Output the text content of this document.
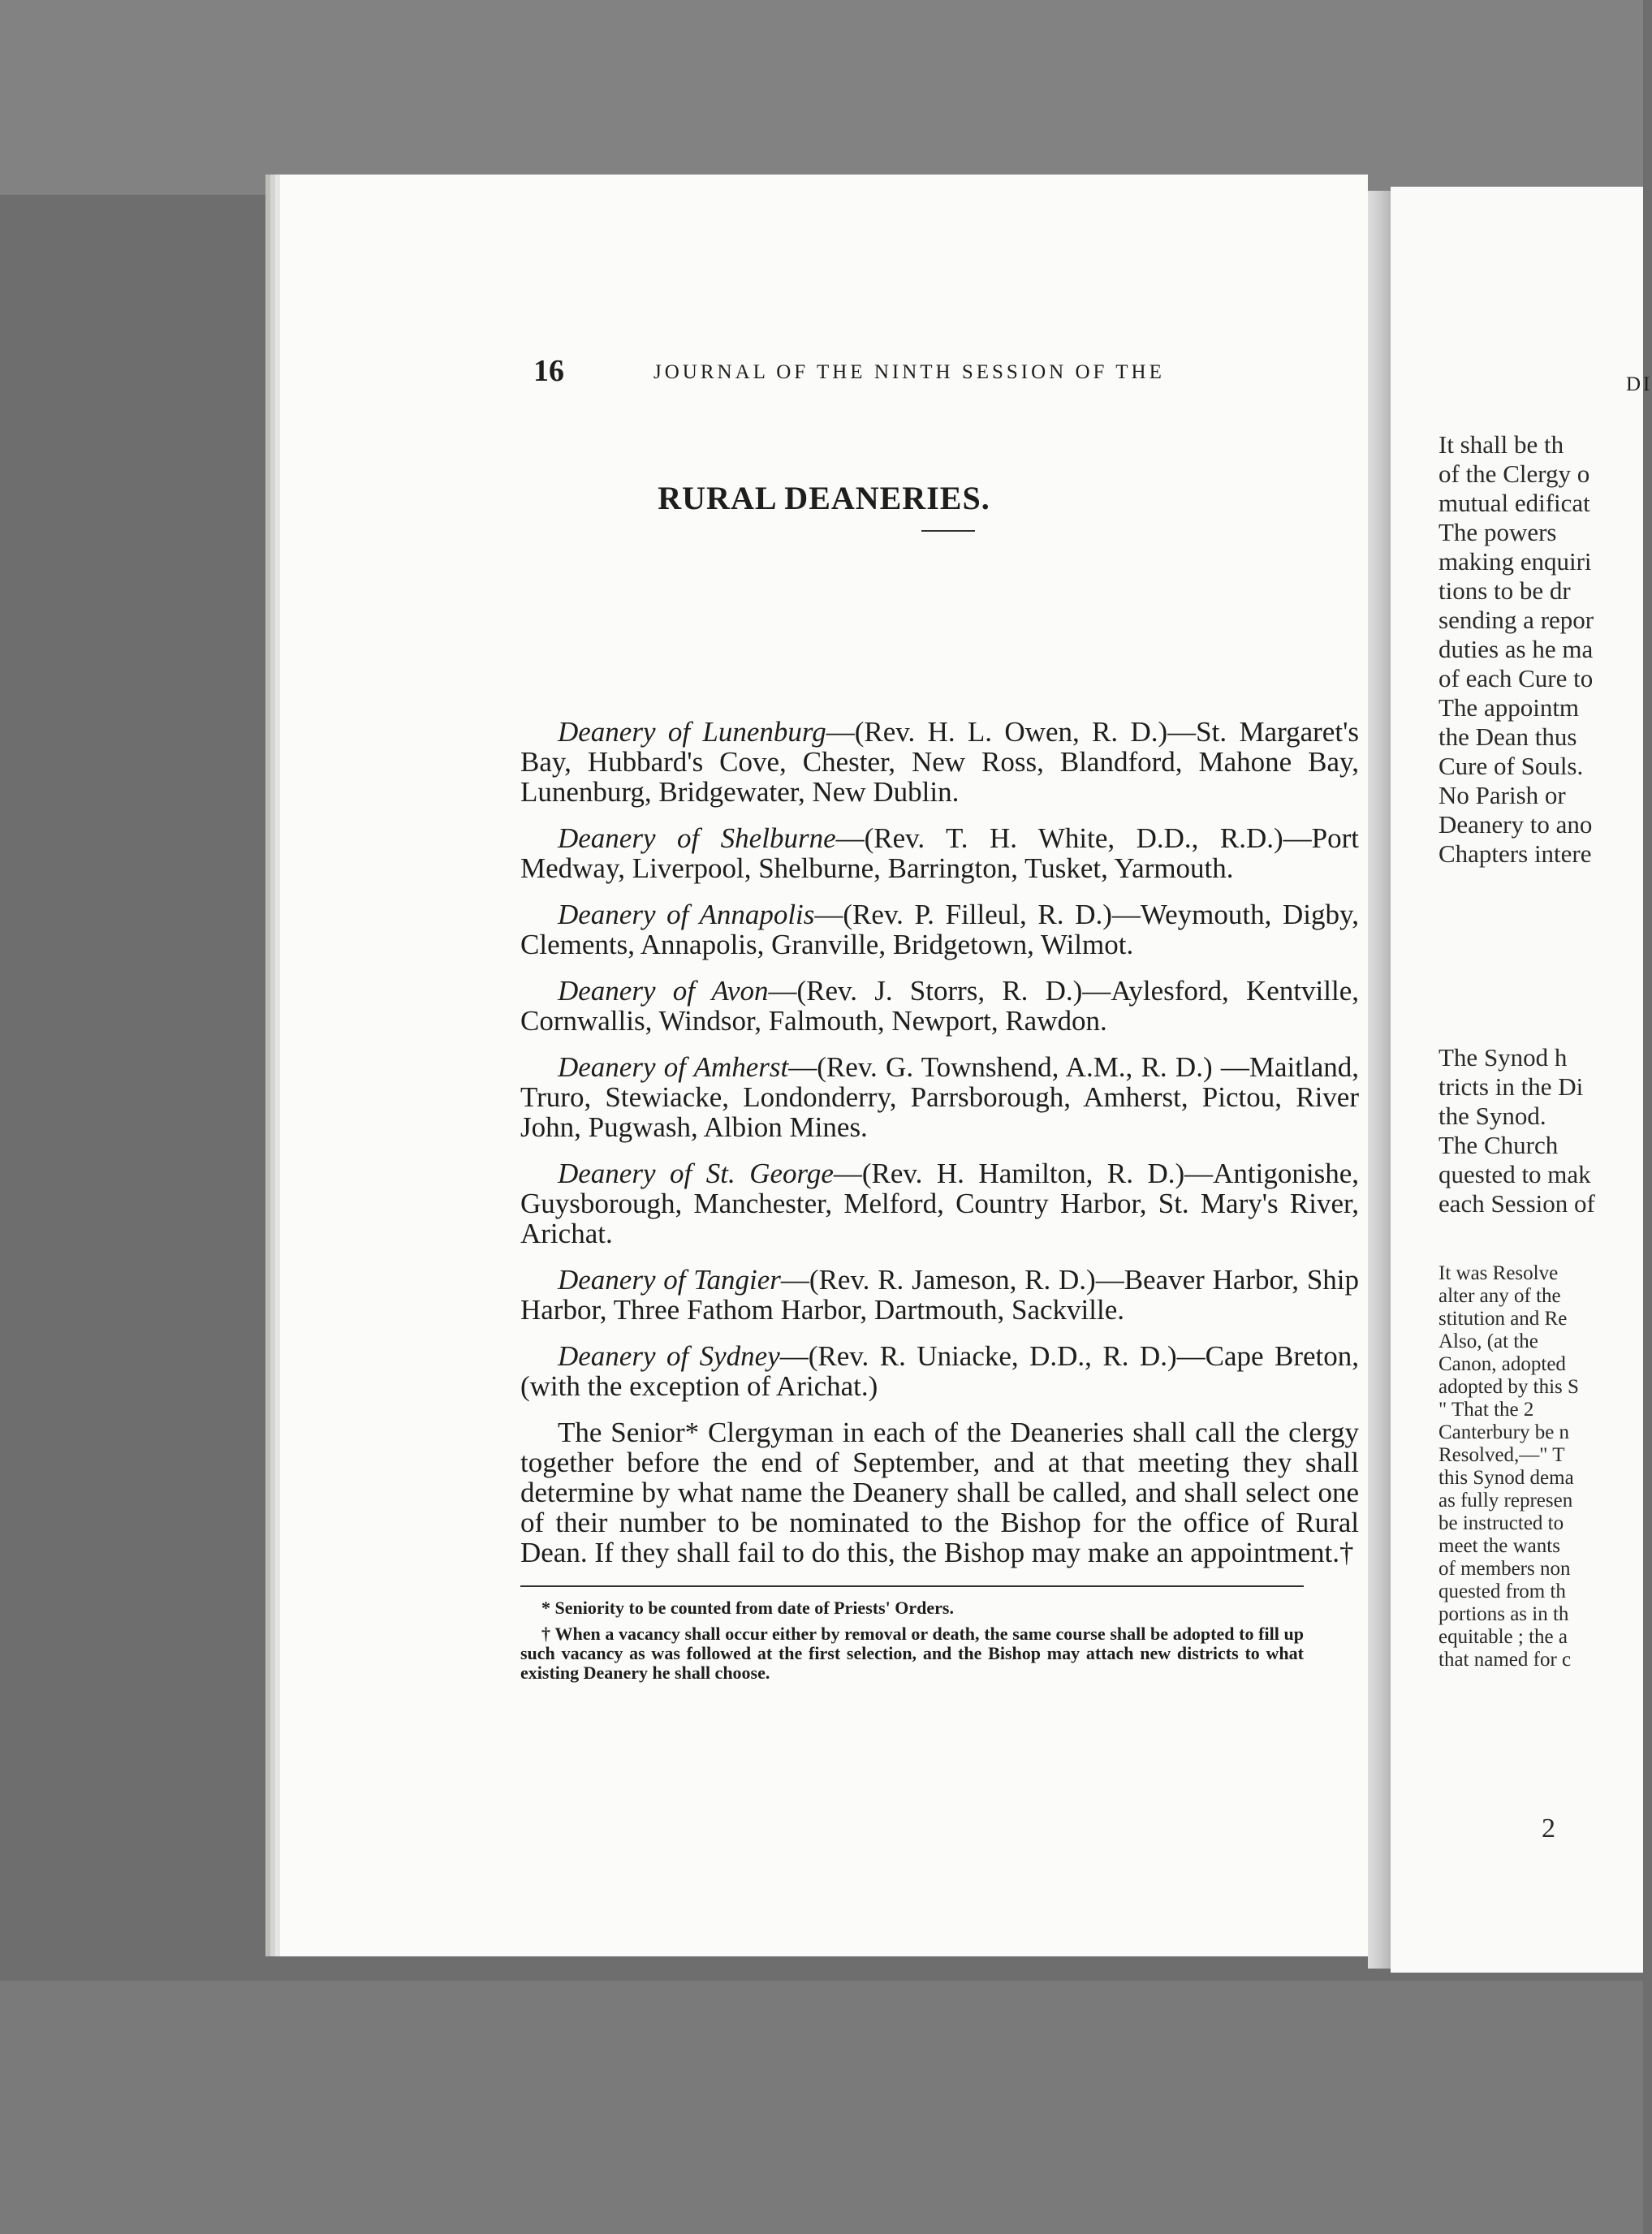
16	JOURNAL OF THE NINTH SESSION OF THE
RURAL DEANERIES.

Deanery of Lunenburg—(Rev. H. L. Owen, R. D.)—St. Margaret's Bay, Hubbard's Cove, Chester, New Ross, Blandford, Mahone Bay, Lunenburg, Bridgewater, New Dublin.

Deanery of Shelburne—(Rev. T. H. White, D.D., R.D.)—Port Medway, Liverpool, Shelburne, Barrington, Tusket, Yarmouth.

Deanery of Annapolis—(Rev. P. Filleul, R. D.)—Weymouth, Digby, Clements, Annapolis, Granville, Bridgetown, Wilmot.

Deanery of Avon—(Rev. J. Storrs, R. D.)—Aylesford, Kentville, Cornwallis, Windsor, Falmouth, Newport, Rawdon.

Deanery of Amherst—(Rev. G. Townshend, A.M., R. D.) —Maitland, Truro, Stewiacke, Londonderry, Parrsborough, Amherst, Pictou, River John, Pugwash, Albion Mines.

Deanery of St. George—(Rev. H. Hamilton, R. D.)—Antigonishe, Guysborough, Manchester, Melford, Country Harbor, St. Mary's River, Arichat.

Deanery of Tangier—(Rev. R. Jameson, R. D.)—Beaver Harbor, Ship Harbor, Three Fathom Harbor, Dartmouth, Sackville.

Deanery of Sydney—(Rev. R. Uniacke, D.D., R. D.)—Cape Breton, (with the exception of Arichat.)

The Senior* Clergyman in each of the Deaneries shall call the clergy together before the end of September, and at that meeting they shall determine by what name the Deanery shall be called, and shall select one of their number to be nominated to the Bishop for the office of Rural Dean. If they shall fail to do this, the Bishop may make an appointment.†

* Seniority to be counted from date of Priests' Orders.

† When a vacancy shall occur either by removal or death, the same course shall be adopted to fill up such vacancy as was followed at the first selection, and the Bishop may attach new districts to what existing Deanery he shall choose.

DI
It shall be th
of the Clergy o
mutual edificat
The powers
making enquiri
tions to be dr
sending a repor
duties as he ma
of each Cure to
The appointm
the Dean thus
Cure of Souls.
No Parish or
Deanery to ano
Chapters intere
The Synod h
tricts in the Di
the Synod.
The Church
quested to mak
each Session of
It was Resolve
alter any of the
stitution and Re
Also, (at the
Canon, adopted
adopted by this S
" That the 2
Canterbury be n
Resolved,—" T
this Synod dema
as fully represen
be instructed to
meet the wants
of members non
quested from th
portions as in th
equitable ; the a
that named for c
2
